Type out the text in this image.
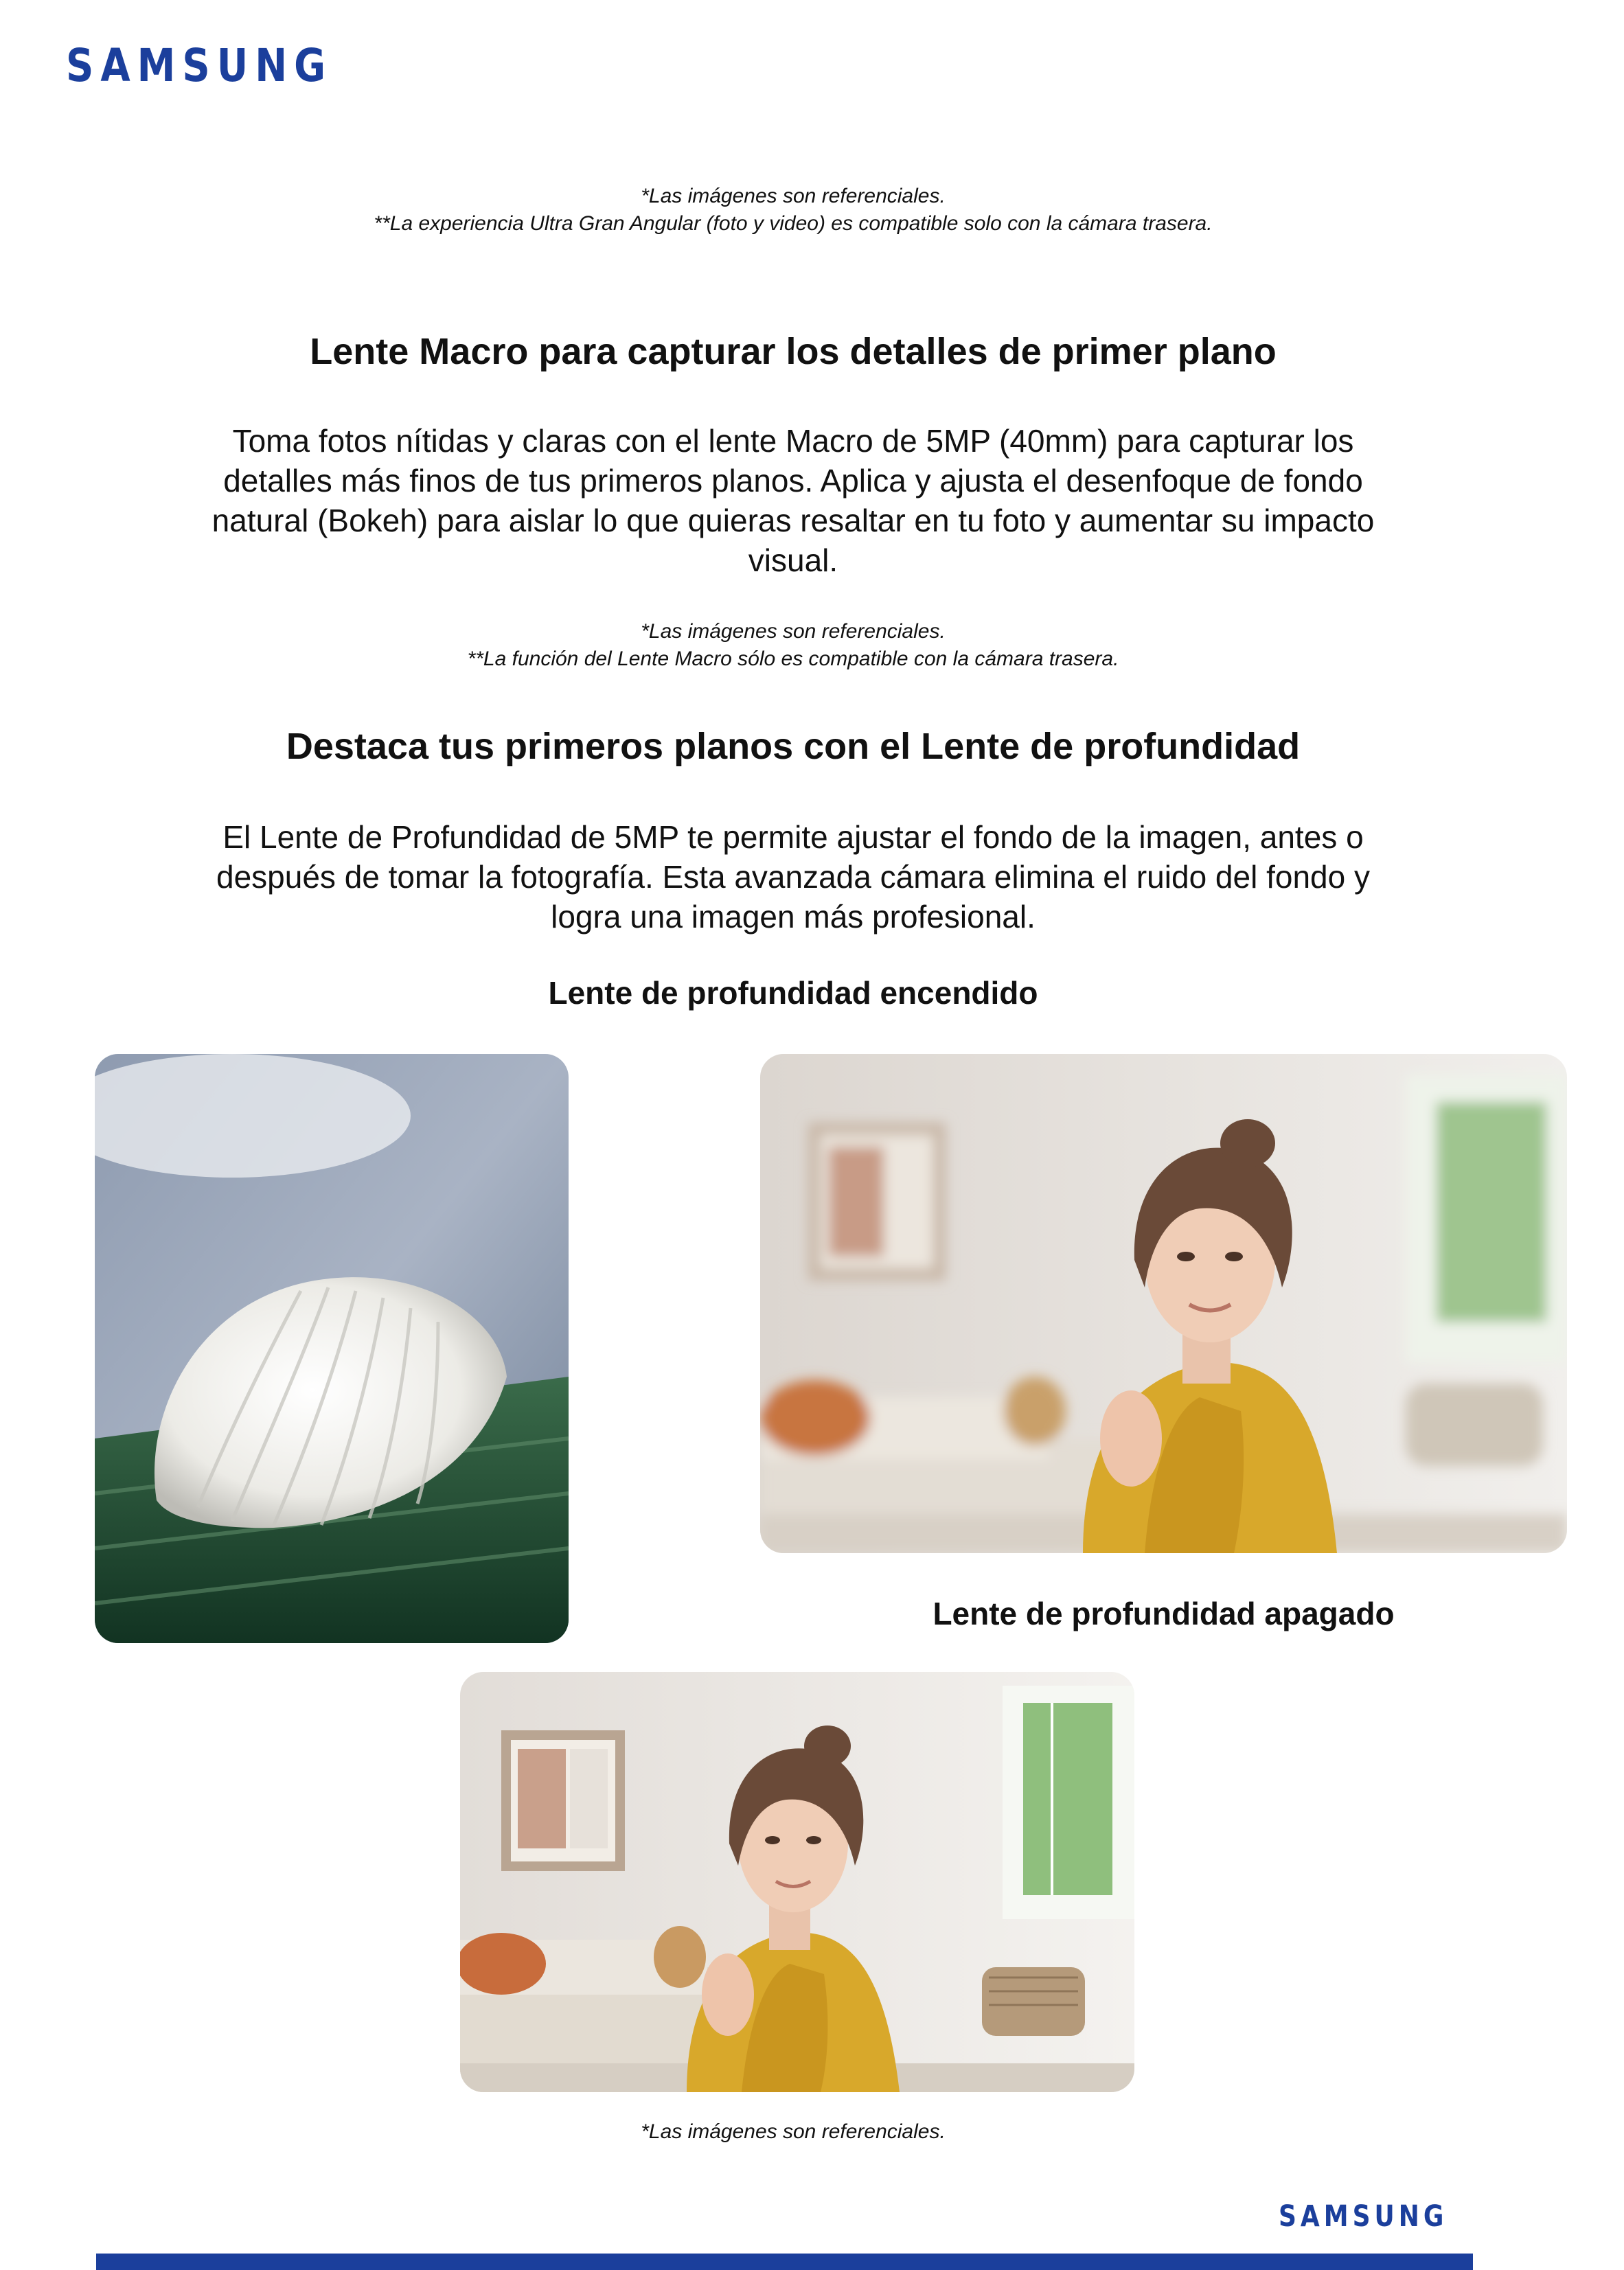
SAMSUNG
*Las imágenes son referenciales.
**La experiencia Ultra Gran Angular (foto y video) es compatible solo con la cámara trasera.
Lente Macro para capturar los detalles de primer plano
Toma fotos nítidas y claras con el lente Macro de 5MP (40mm) para capturar los
detalles más finos de tus primeros planos. Aplica y ajusta el desenfoque de fondo
natural (Bokeh) para aislar lo que quieras resaltar en tu foto y aumentar su impacto
visual.
*Las imágenes son referenciales.
**La función del Lente Macro sólo es compatible con la cámara trasera.
Destaca tus primeros planos con el Lente de profundidad
El Lente de Profundidad de 5MP te permite ajustar el fondo de la imagen, antes o
después de tomar la fotografía. Esta avanzada cámara elimina el ruido del fondo y
logra una imagen más profesional.
Lente de profundidad encendido
Lente de profundidad apagado
*Las imágenes son referenciales.
SAMSUNG
